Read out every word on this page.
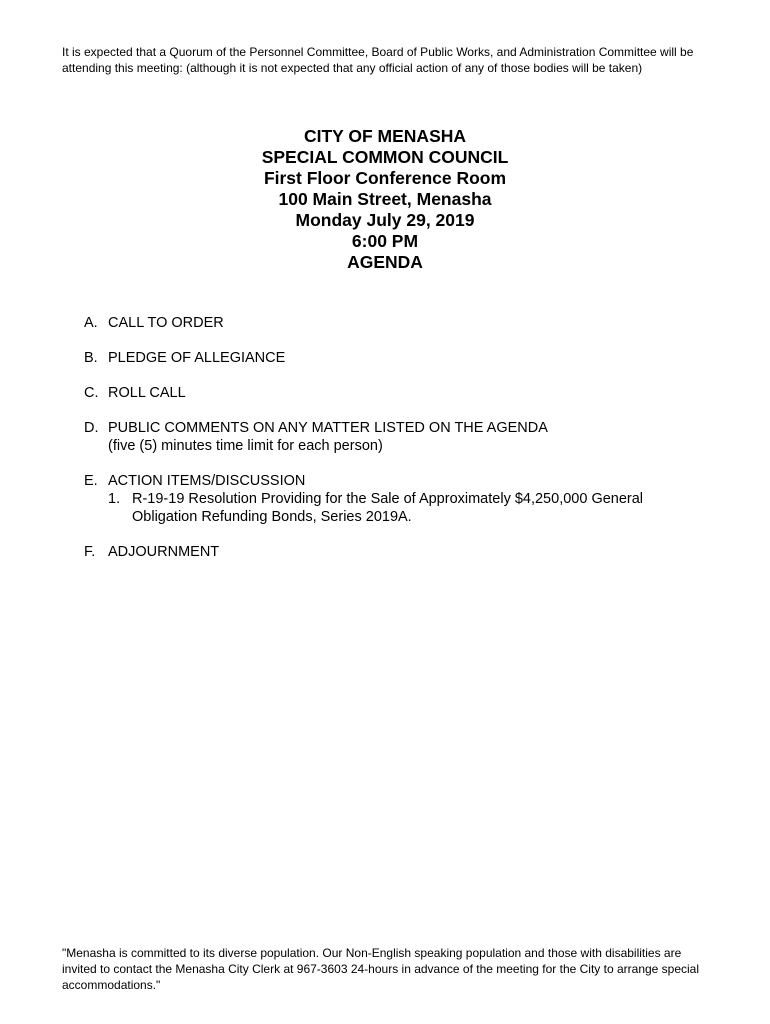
It is expected that a Quorum of the Personnel Committee, Board of Public Works, and Administration Committee will be attending this meeting: (although it is not expected that any official action of any of those bodies will be taken)

CITY OF MENASHA
SPECIAL COMMON COUNCIL
First Floor Conference Room
100 Main Street, Menasha
Monday July 29, 2019
6:00 PM
AGENDA
A. CALL TO ORDER
B. PLEDGE OF ALLEGIANCE
C. ROLL CALL
D. PUBLIC COMMENTS ON ANY MATTER LISTED ON THE AGENDA
(five (5) minutes time limit for each person)
E. ACTION ITEMS/DISCUSSION
1. R-19-19 Resolution Providing for the Sale of Approximately $4,250,000 General Obligation Refunding Bonds, Series 2019A.
F. ADJOURNMENT

"Menasha is committed to its diverse population. Our Non-English speaking population and those with disabilities are invited to contact the Menasha City Clerk at 967-3603 24-hours in advance of the meeting for the City to arrange special accommodations."
